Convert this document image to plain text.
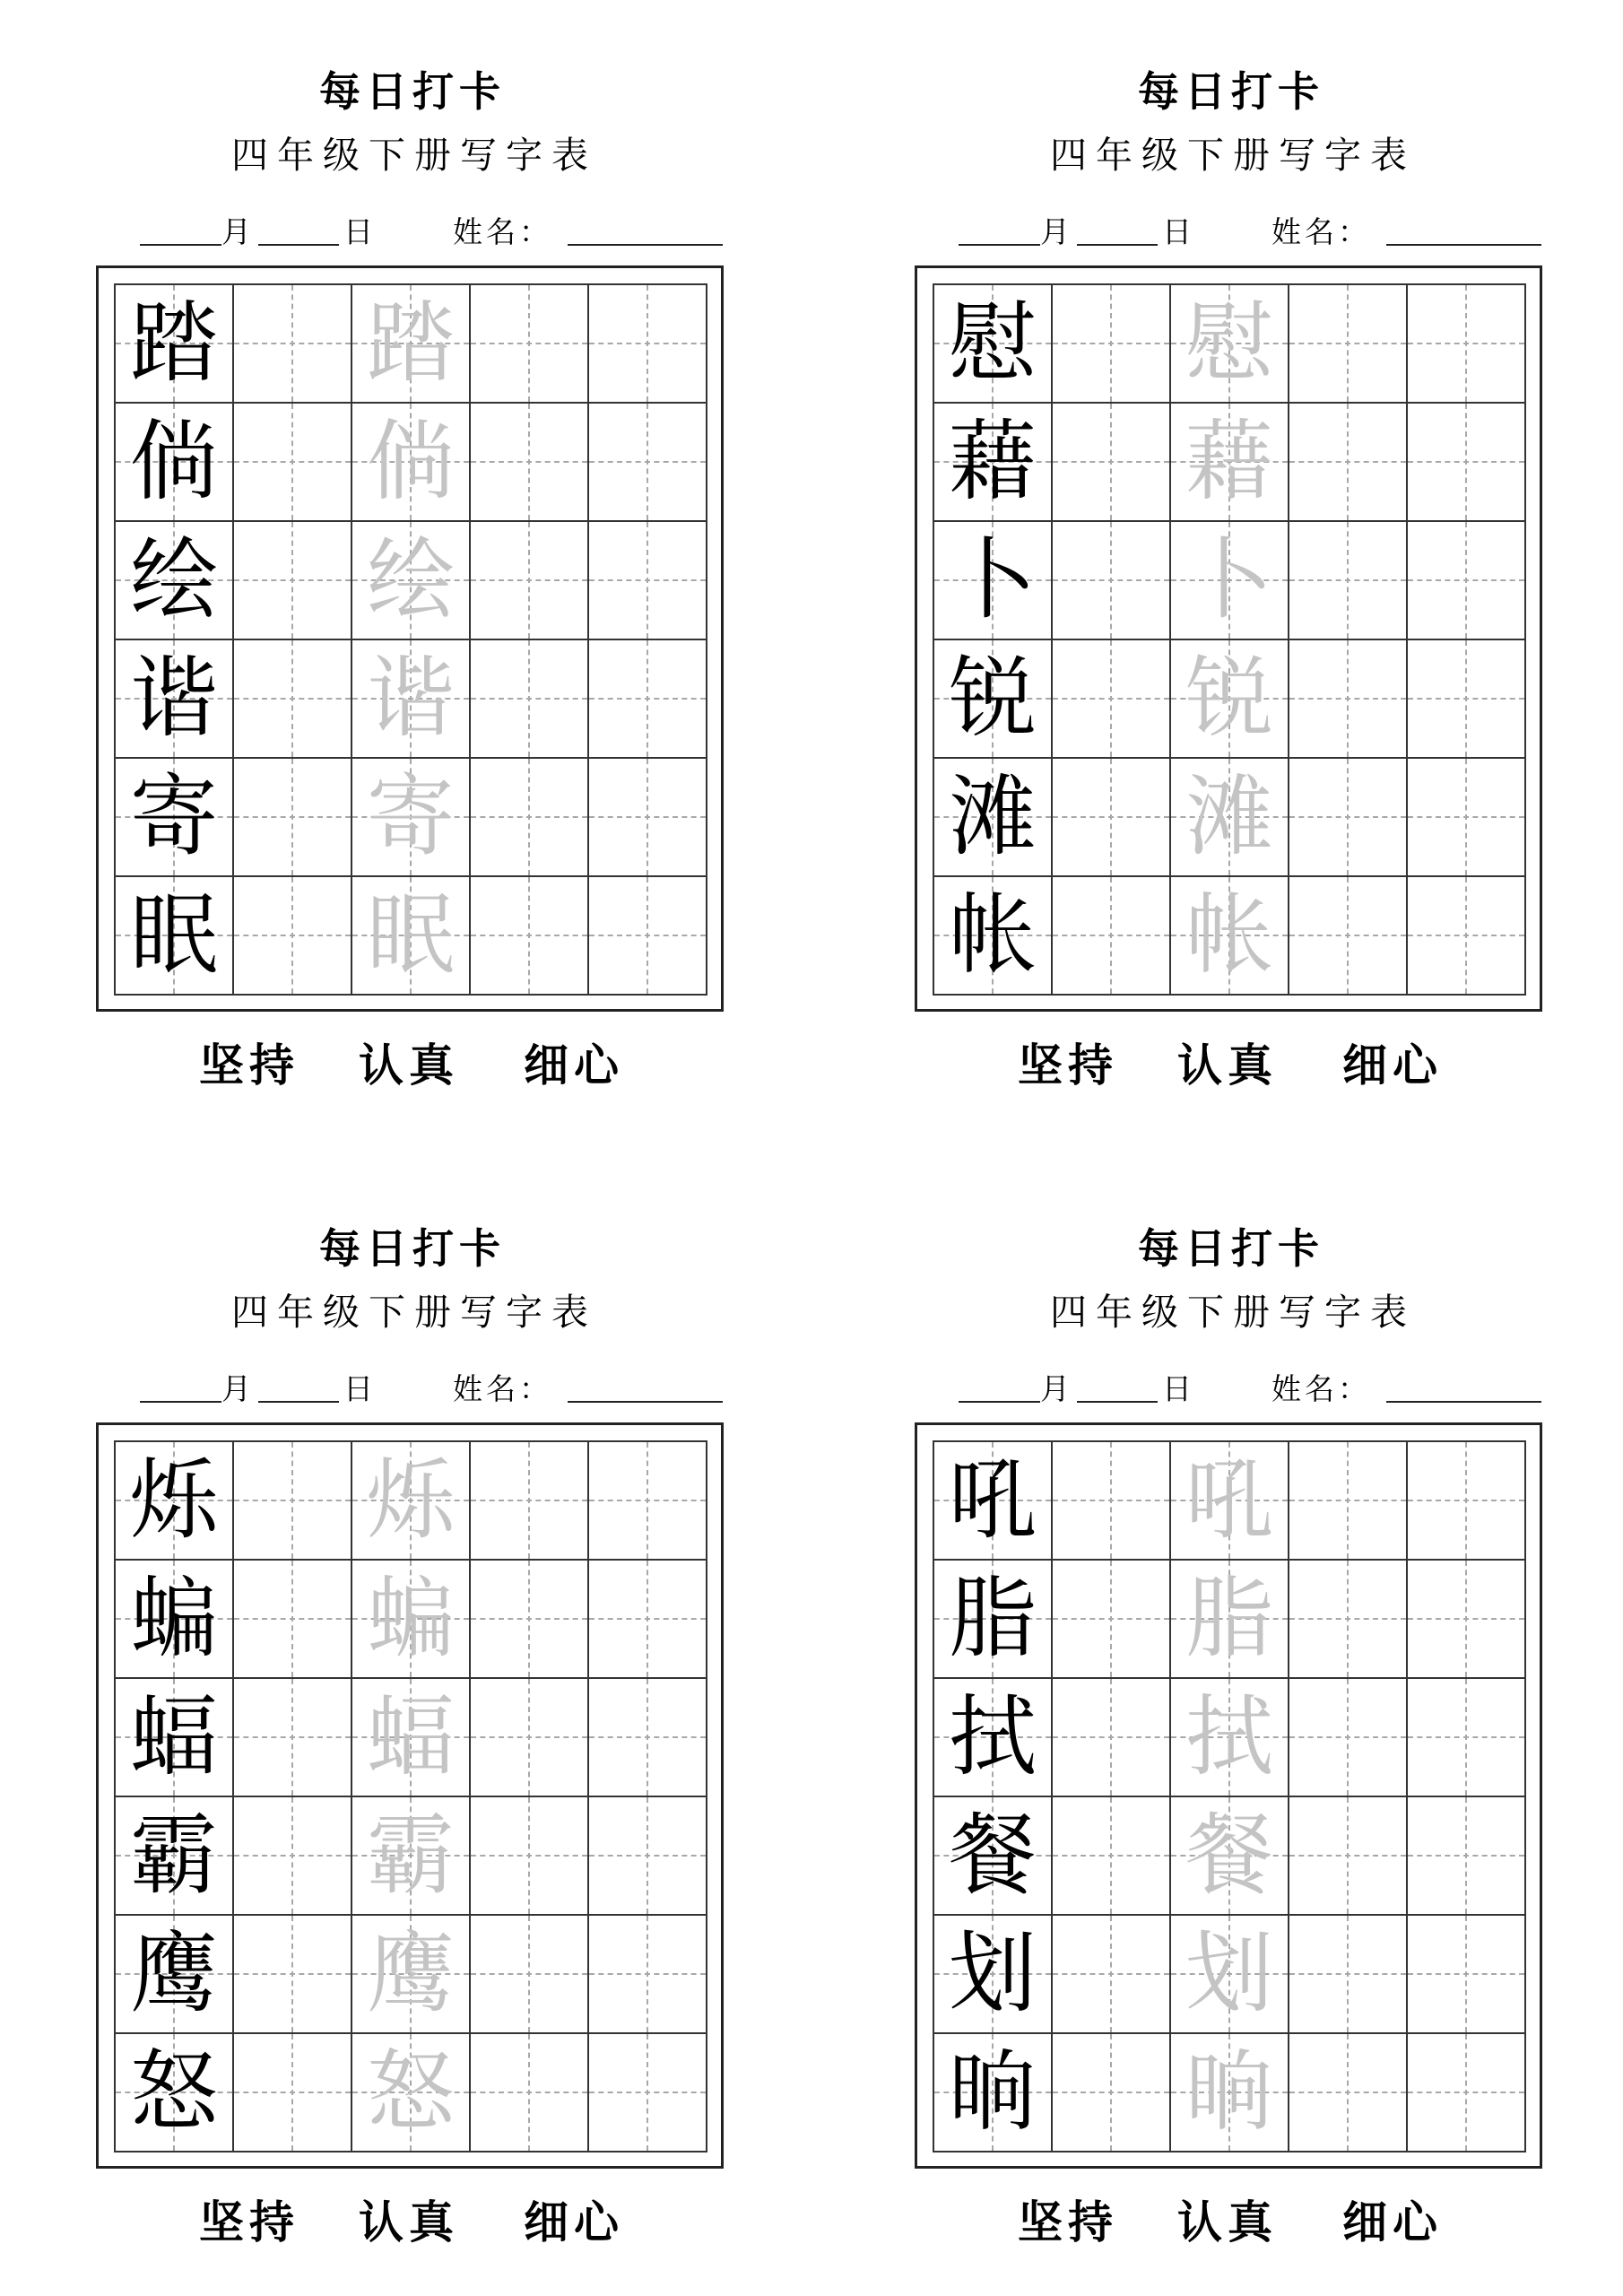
每日打卡
四年级下册写字表
月	日	姓名：
踏 踏
倘 倘
绘 绘
谐 谐
寄 寄
眠 眠
坚持 认真 细心
每日打卡
四年级下册写字表
月	日	姓名：
慰 慰
藉 藉
卜 卜
锐 锐
滩 滩
帐 帐
坚持 认真 细心
每日打卡
四年级下册写字表
月	日	姓名：
烁 烁
蝙 蝙
蝠 蝠
霸 霸
鹰 鹰
怒 怒
坚持 认真 细心
每日打卡
四年级下册写字表
月	日	姓名：
吼 吼
脂 脂
拭 拭
餐 餐
划 划
晌 晌
坚持 认真 细心
